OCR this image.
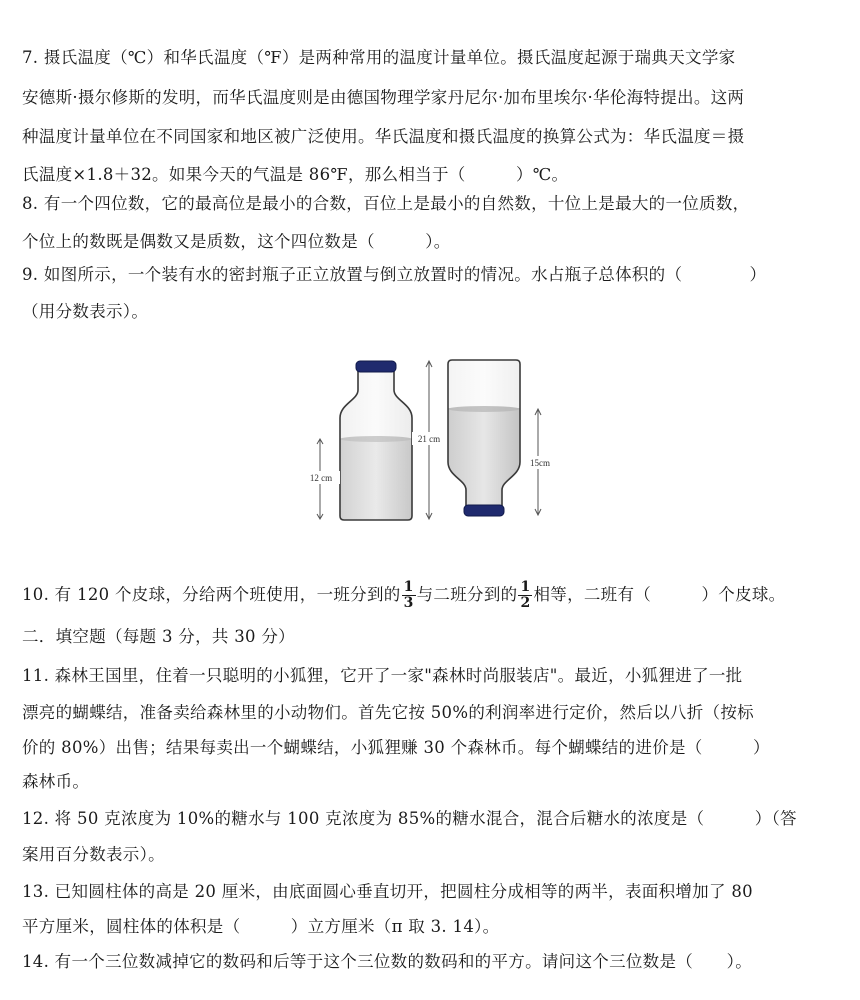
7. 摄氏温度（℃）和华氏温度（℉）是两种常用的温度计量单位。摄氏温度起源于瑞典天文学家
安德斯·摄尔修斯的发明，而华氏温度则是由德国物理学家丹尼尔·加布里埃尔·华伦海特提出。这两
种温度计量单位在不同国家和地区被广泛使用。华氏温度和摄氏温度的换算公式为：华氏温度＝摄
氏温度×1.8＋32。如果今天的气温是 86℉，那么相当于（　　　）℃。
8. 有一个四位数，它的最高位是最小的合数，百位上是最小的自然数，十位上是最大的一位质数，
个位上的数既是偶数又是质数，这个四位数是（　　　）。
9. 如图所示，一个装有水的密封瓶子正立放置与倒立放置时的情况。水占瓶子总体积的（　　　　）
（用分数表示）。
12 cm
21 cm
15cm
10. 有 120 个皮球，分给两个班使用，一班分到的 $\frac{1}{3}$ 与二班分到的 $\frac{1}{2}$ 相等，二班有（　　　）个皮球。
二．填空题（每题 3 分，共 30 分）
11. 森林王国里，住着一只聪明的小狐狸，它开了一家"森林时尚服装店"。最近，小狐狸进了一批
漂亮的蝴蝶结，准备卖给森林里的小动物们。首先它按 50%的利润率进行定价，然后以八折（按标
价的 80%）出售；结果每卖出一个蝴蝶结，小狐狸赚 30 个森林币。每个蝴蝶结的进价是（　　　）
森林币。
12. 将 50 克浓度为 10%的糖水与 100 克浓度为 85%的糖水混合，混合后糖水的浓度是（　　　）（答
案用百分数表示）。
13. 已知圆柱体的高是 20 厘米，由底面圆心垂直切开，把圆柱分成相等的两半，表面积增加了 80
平方厘米，圆柱体的体积是（　　　）立方厘米（π 取 3. 14）。
14. 有一个三位数减掉它的数码和后等于这个三位数的数码和的平方。请问这个三位数是（　　）。
